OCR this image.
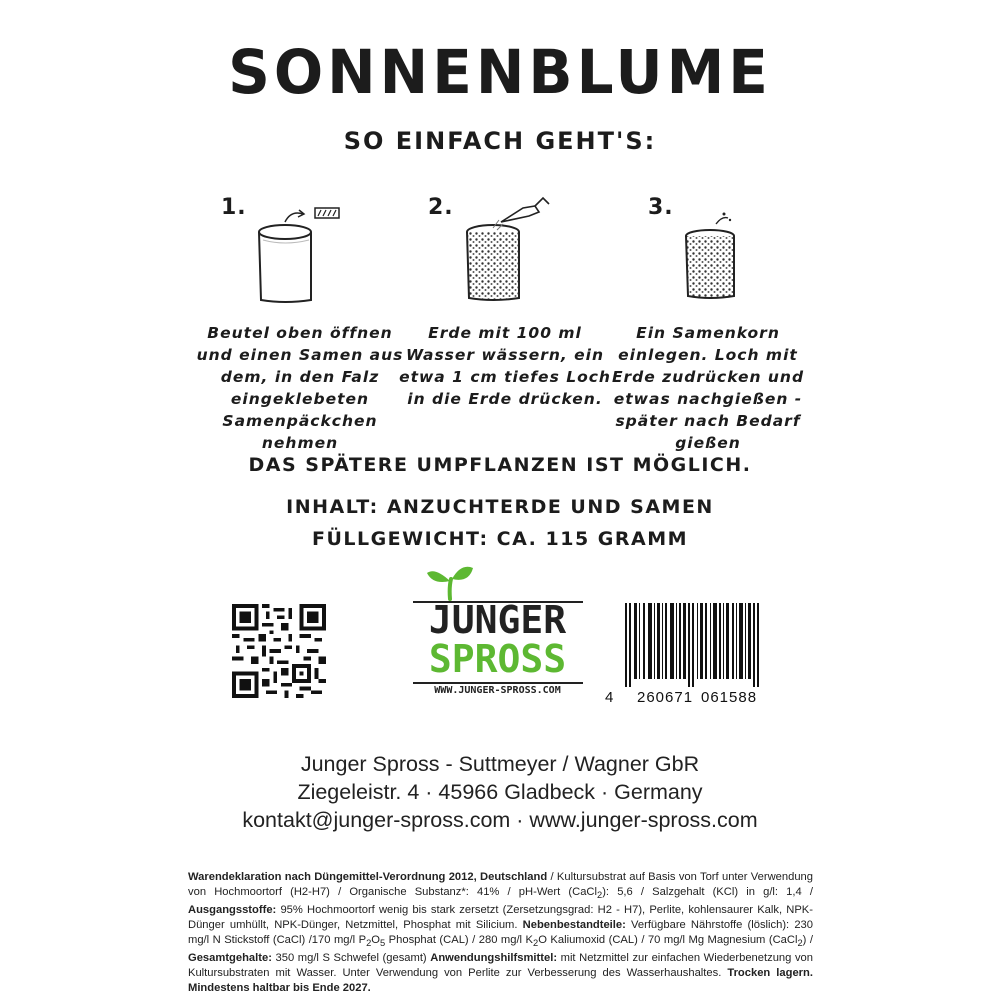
SONNENBLUME
SO EINFACH GEHT'S:
1.
Beutel oben öffnen und einen Samen aus dem, in den Falz eingeklebeten Samenpäckchen nehmen
2.
Erde mit 100 ml Wasser wässern, ein etwa 1 cm tiefes Loch in die Erde drücken.
3.
Ein Samenkorn einlegen. Loch mit Erde zudrücken und etwas nachgießen - später nach Bedarf gießen
DAS SPÄTERE UMPFLANZEN IST MÖGLICH.
INHALT: ANZUCHTERDE UND SAMEN
FÜLLGEWICHT: CA. 115 GRAMM
JUNGER
SPROSS
WWW.JUNGER-SPROSS.COM	4 260671 061588
Junger Spross - Suttmeyer / Wagner GbR
Ziegeleistr. 4 · 45966 Gladbeck · Germany
kontakt@junger-spross.com · www.junger-spross.com
Warendeklaration nach Düngemittel-Verordnung 2012, Deutschland / Kultursubstrat auf Basis von Torf unter Verwendung von Hochmoortorf (H2-H7) / Organische Substanz*: 41% / pH-Wert (CaCl$_2$): 5,6 / Salzgehalt (KCl) in g/l: 1,4 / Ausgangsstoffe: 95% Hochmoortorf wenig bis stark zersetzt (Zersetzungsgrad: H2 - H7), Perlite, kohlensaurer Kalk, NPK-Dünger umhüllt, NPK-Dünger, Netzmittel, Phosphat mit Silicium. Nebenbestandteile: Verfügbare Nährstoffe (löslich): 230 mg/l N Stickstoff (CaCl) /170 mg/l $P_2O_5$ Phosphat (CAL) / 280 mg/l $K_2O$ Kaliumoxid (CAL) / 70 mg/l Mg Magnesium (CaCl$_2$) / Gesamtgehalte: 350 mg/l S Schwefel (gesamt) Anwendungshilfsmittel: mit Netzmittel zur einfachen Wiederbenetzung von Kultursubstraten mit Wasser. Unter Verwendung von Perlite zur Verbesserung des Wasserhaushaltes. Trocken lagern. Mindestens haltbar bis Ende 2027.
